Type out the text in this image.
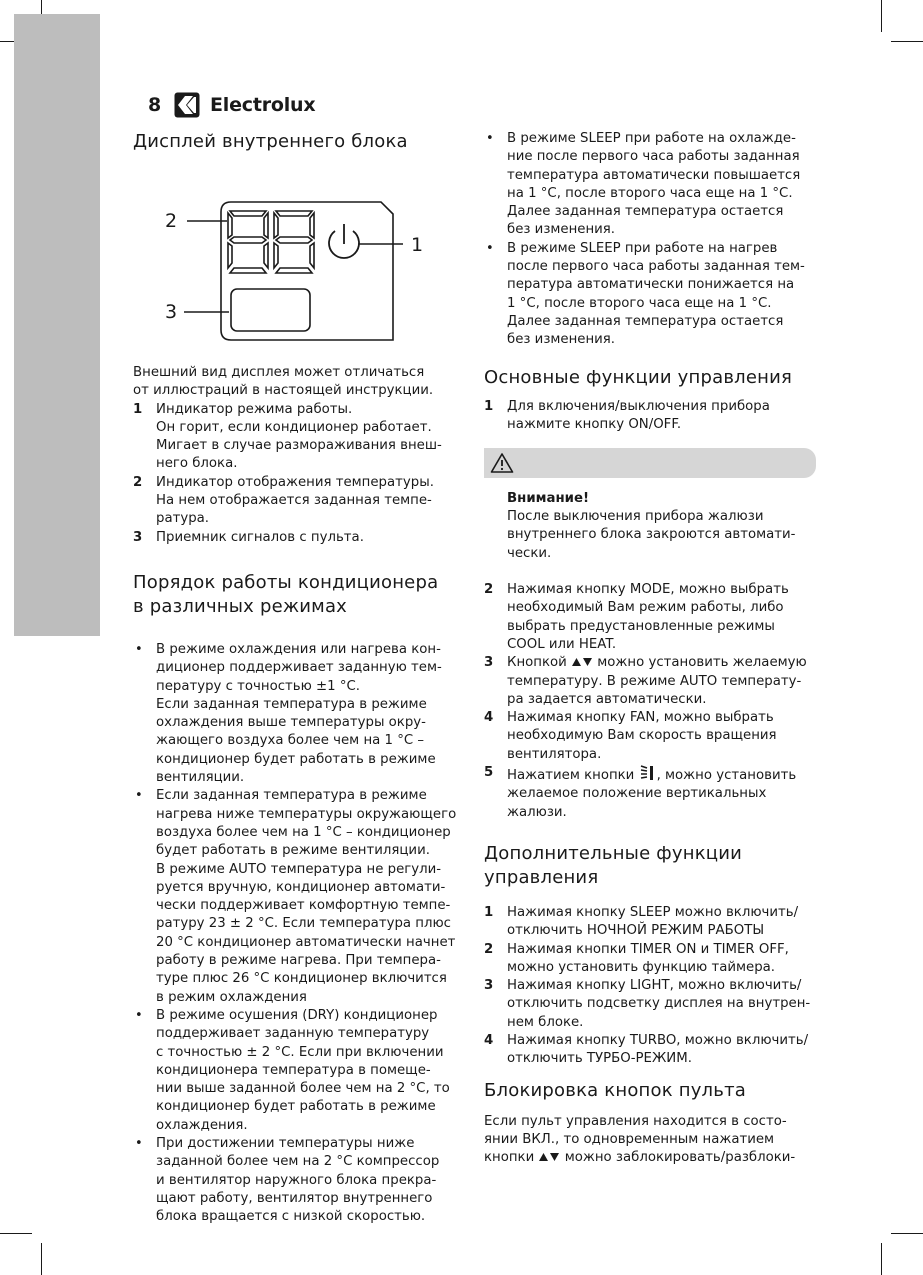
8	Electrolux
Дисплей внутреннего блока
1
2
3

Внешний вид дисплея может отличаться
от иллюстраций в настоящей инструкции.

1	Индикатор режима работы.
Он горит, если кондиционер работает.
Мигает в случае размораживания внеш-
него блока.
2	Индикатор отображения температуры.
На нем отображается заданная темпе-
ратура.
3	Приемник сигналов с пульта.
Порядок работы кондиционера
в различных режимах
•	В режиме охлаждения или нагрева кон-
диционер поддерживает заданную тем-
пературу с точностью ±1 °C.
Если заданная температура в режиме
охлаждения выше температуры окру-
жающего воздуха более чем на 1 °C –
кондиционер будет работать в режиме
вентиляции.
•	Если заданная температура в режиме
нагрева ниже температуры окружающего
воздуха более чем на 1 °C – кондиционер
будет работать в режиме вентиляции.
В режиме AUTO температура не регули-
руется вручную, кондиционер автомати-
чески поддерживает комфортную темпе-
ратуру 23 ± 2 °C. Если температура плюс
20 °C кондиционер автоматически начнет
работу в режиме нагрева. При темпера-
туре плюс 26 °C кондиционер включится
в режим охлаждения
•	В режиме осушения (DRY) кондиционер
поддерживает заданную температуру
с точностью ± 2 °C. Если при включении
кондиционера температура в помеще-
нии выше заданной более чем на 2 °C, то
кондиционер будет работать в режиме
охлаждения.
•	При достижении температуры ниже
заданной более чем на 2 °C компрессор
и вентилятор наружного блока прекра-
щают работу, вентилятор внутреннего
блока вращается с низкой скоростью.
•	В режиме SLEEP при работе на охлажде-
ние после первого часа работы заданная
температура автоматически повышается
на 1 °C, после второго часа еще на 1 °C.
Далее заданная температура остается
без изменения.
•	В режиме SLEEP при работе на нагрев
после первого часа работы заданная тем-
пература автоматически понижается на
1 °C, после второго часа еще на 1 °C.
Далее заданная температура остается
без изменения.
Основные функции управления
1	Для включения/выключения прибора
нажмите кнопку ON/OFF.
Внимание!

После выключения прибора жалюзи
внутреннего блока закроются автомати-
чески.

2	Нажимая кнопку MODE, можно выбрать
необходимый Вам режим работы, либо
выбрать предустановленные режимы
COOL или HEAT.
3	Кнопкой можно установить желаемую
температуру. В режиме AUTO температу-
ра задается автоматически.
4	Нажимая кнопку FAN, можно выбрать
необходимую Вам скорость вращения
вентилятора.
5	Нажатием кнопки , можно установить
желаемое положение вертикальных
жалюзи.
Дополнительные функции
управления
1	Нажимая кнопку SLEEP можно включить/
отключить НОЧНОЙ РЕЖИМ РАБОТЫ
2	Нажимая кнопки TIMER ON и TIMER OFF,
можно установить функцию таймера.
3	Нажимая кнопку LIGHT, можно включить/
отключить подсветку дисплея на внутрен-
нем блоке.
4	Нажимая кнопку TURBO, можно включить/
отключить ТУРБО-РЕЖИМ.
Блокировка кнопок пульта

Если пульт управления находится в состо-
янии ВКЛ., то одновременным нажатием
кнопки можно заблокировать/разблоки-
